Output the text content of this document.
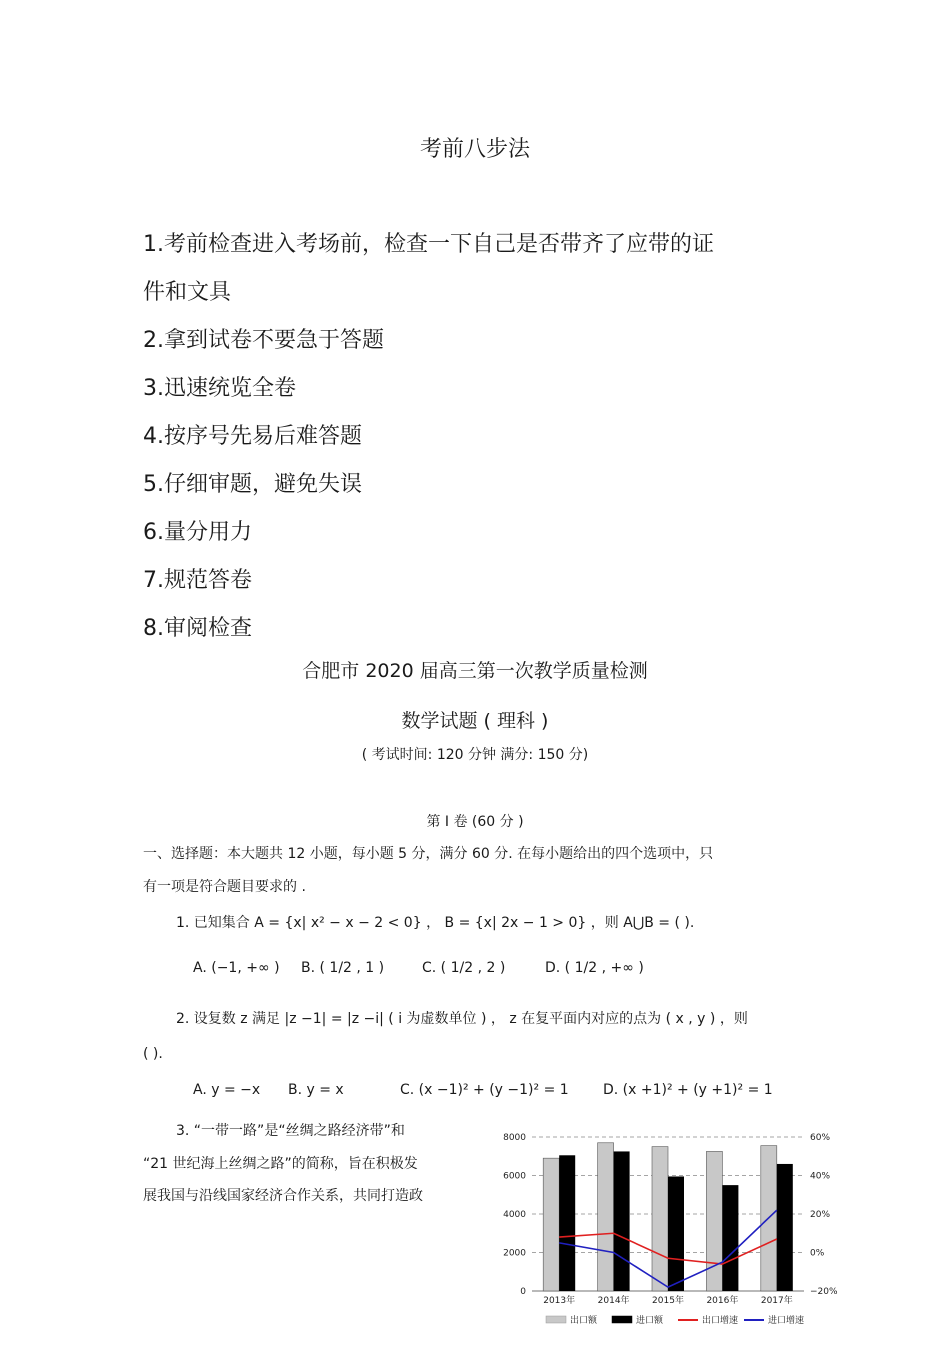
考前八步法
1.考前检查进入考场前，检查一下自己是否带齐了应带的证
件和文具
2.拿到试卷不要急于答题
3.迅速统览全卷
4.按序号先易后难答题
5.仔细审题，避免失误
6.量分用力
7.规范答卷
8.审阅检查
合肥市 2020 届高三第一次教学质量检测
数学试题 ( 理科 )
( 考试时间: 120 分钟 满分: 150 分)
第 I 卷 (60 分 )
一、选择题：本大题共 12 小题，每小题 5 分，满分 60 分. 在每小题给出的四个选项中，只
有一项是符合题目要求的 .
1. 已知集合 A = {x| x² − x − 2 < 0} ， B = {x| 2x − 1 > 0} ，则 A⋃B = ( ).
A. (−1, +∞ ) B. ( 1/2 , 1 )	C. ( 1/2 , 2 )	D. ( 1/2 , +∞ )
2. 设复数 z 满足 |z −1| = |z −i| ( i 为虚数单位 ) ， z 在复平面内对应的点为 ( x , y ) ，则
( ).
A. y = −x B. y = x	C. (x −1)² + (y −1)² = 1 D. (x +1)² + (y +1)² = 1
3. “一带一路”是“丝绸之路经济带”和
“21 世纪海上丝绸之路”的简称，旨在积极发
展我国与沿线国家经济合作关系，共同打造政
8000	60%
6000	40%
4000	20%
2000	0%
0	−20%
2013年 2014年 2015年 2016年 2017年
出口额	进口额	出口增速	进口增速
